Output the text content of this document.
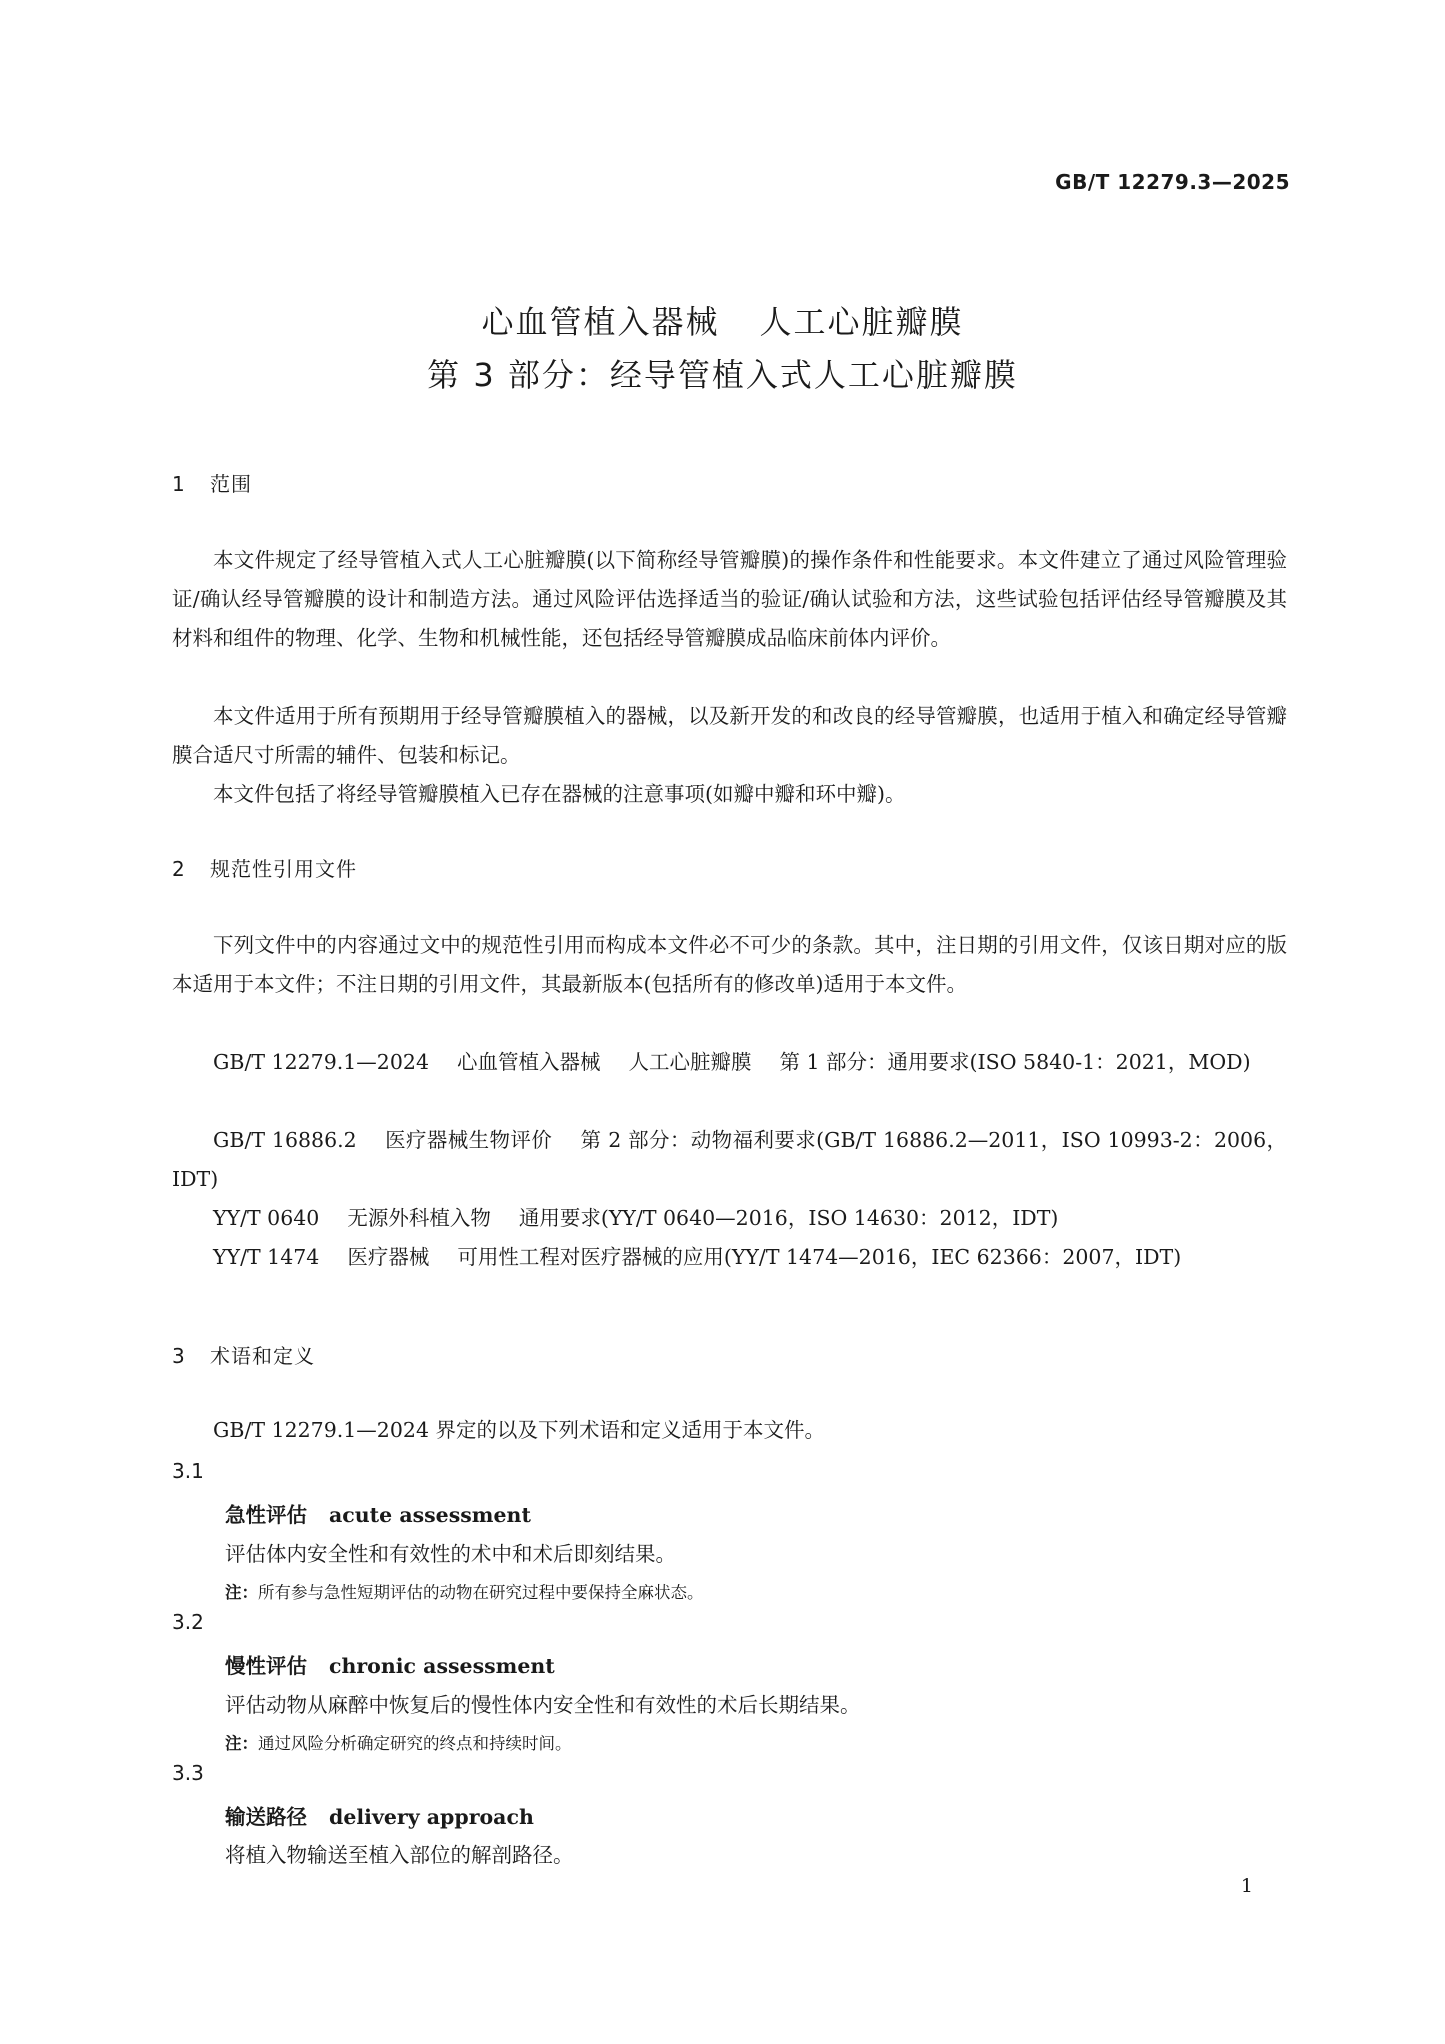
GB/T 12279.3—2025
心血管植入器械 人工心脏瓣膜
第 3 部分：经导管植入式人工心脏瓣膜
1 范围
本文件规定了经导管植入式人工心脏瓣膜(以下简称经导管瓣膜)的操作条件和性能要求。本文件建立了通过风险管理验证/确认经导管瓣膜的设计和制造方法。通过风险评估选择适当的验证/确认试验和方法，这些试验包括评估经导管瓣膜及其材料和组件的物理、化学、生物和机械性能，还包括经导管瓣膜成品临床前体内评价。
本文件适用于所有预期用于经导管瓣膜植入的器械，以及新开发的和改良的经导管瓣膜，也适用于植入和确定经导管瓣膜合适尺寸所需的辅件、包装和标记。
本文件包括了将经导管瓣膜植入已存在器械的注意事项(如瓣中瓣和环中瓣)。
2 规范性引用文件
下列文件中的内容通过文中的规范性引用而构成本文件必不可少的条款。其中，注日期的引用文件，仅该日期对应的版本适用于本文件；不注日期的引用文件，其最新版本(包括所有的修改单)适用于本文件。
GB/T 12279.1—2024 心血管植入器械 人工心脏瓣膜 第 1 部分：通用要求(ISO 5840-1：2021，MOD)
GB/T 16886.2 医疗器械生物评价 第 2 部分：动物福利要求(GB/T 16886.2—2011，ISO 10993-2：2006，IDT)
YY/T 0640 无源外科植入物 通用要求(YY/T 0640—2016，ISO 14630：2012，IDT)
YY/T 1474 医疗器械 可用性工程对医疗器械的应用(YY/T 1474—2016，IEC 62366：2007，IDT)
3 术语和定义
GB/T 12279.1—2024 界定的以及下列术语和定义适用于本文件。
3.1
急性评估 acute assessment
评估体内安全性和有效性的术中和术后即刻结果。
注：所有参与急性短期评估的动物在研究过程中要保持全麻状态。
3.2
慢性评估 chronic assessment
评估动物从麻醉中恢复后的慢性体内安全性和有效性的术后长期结果。
注：通过风险分析确定研究的终点和持续时间。
3.3
输送路径 delivery approach
将植入物输送至植入部位的解剖路径。
1
